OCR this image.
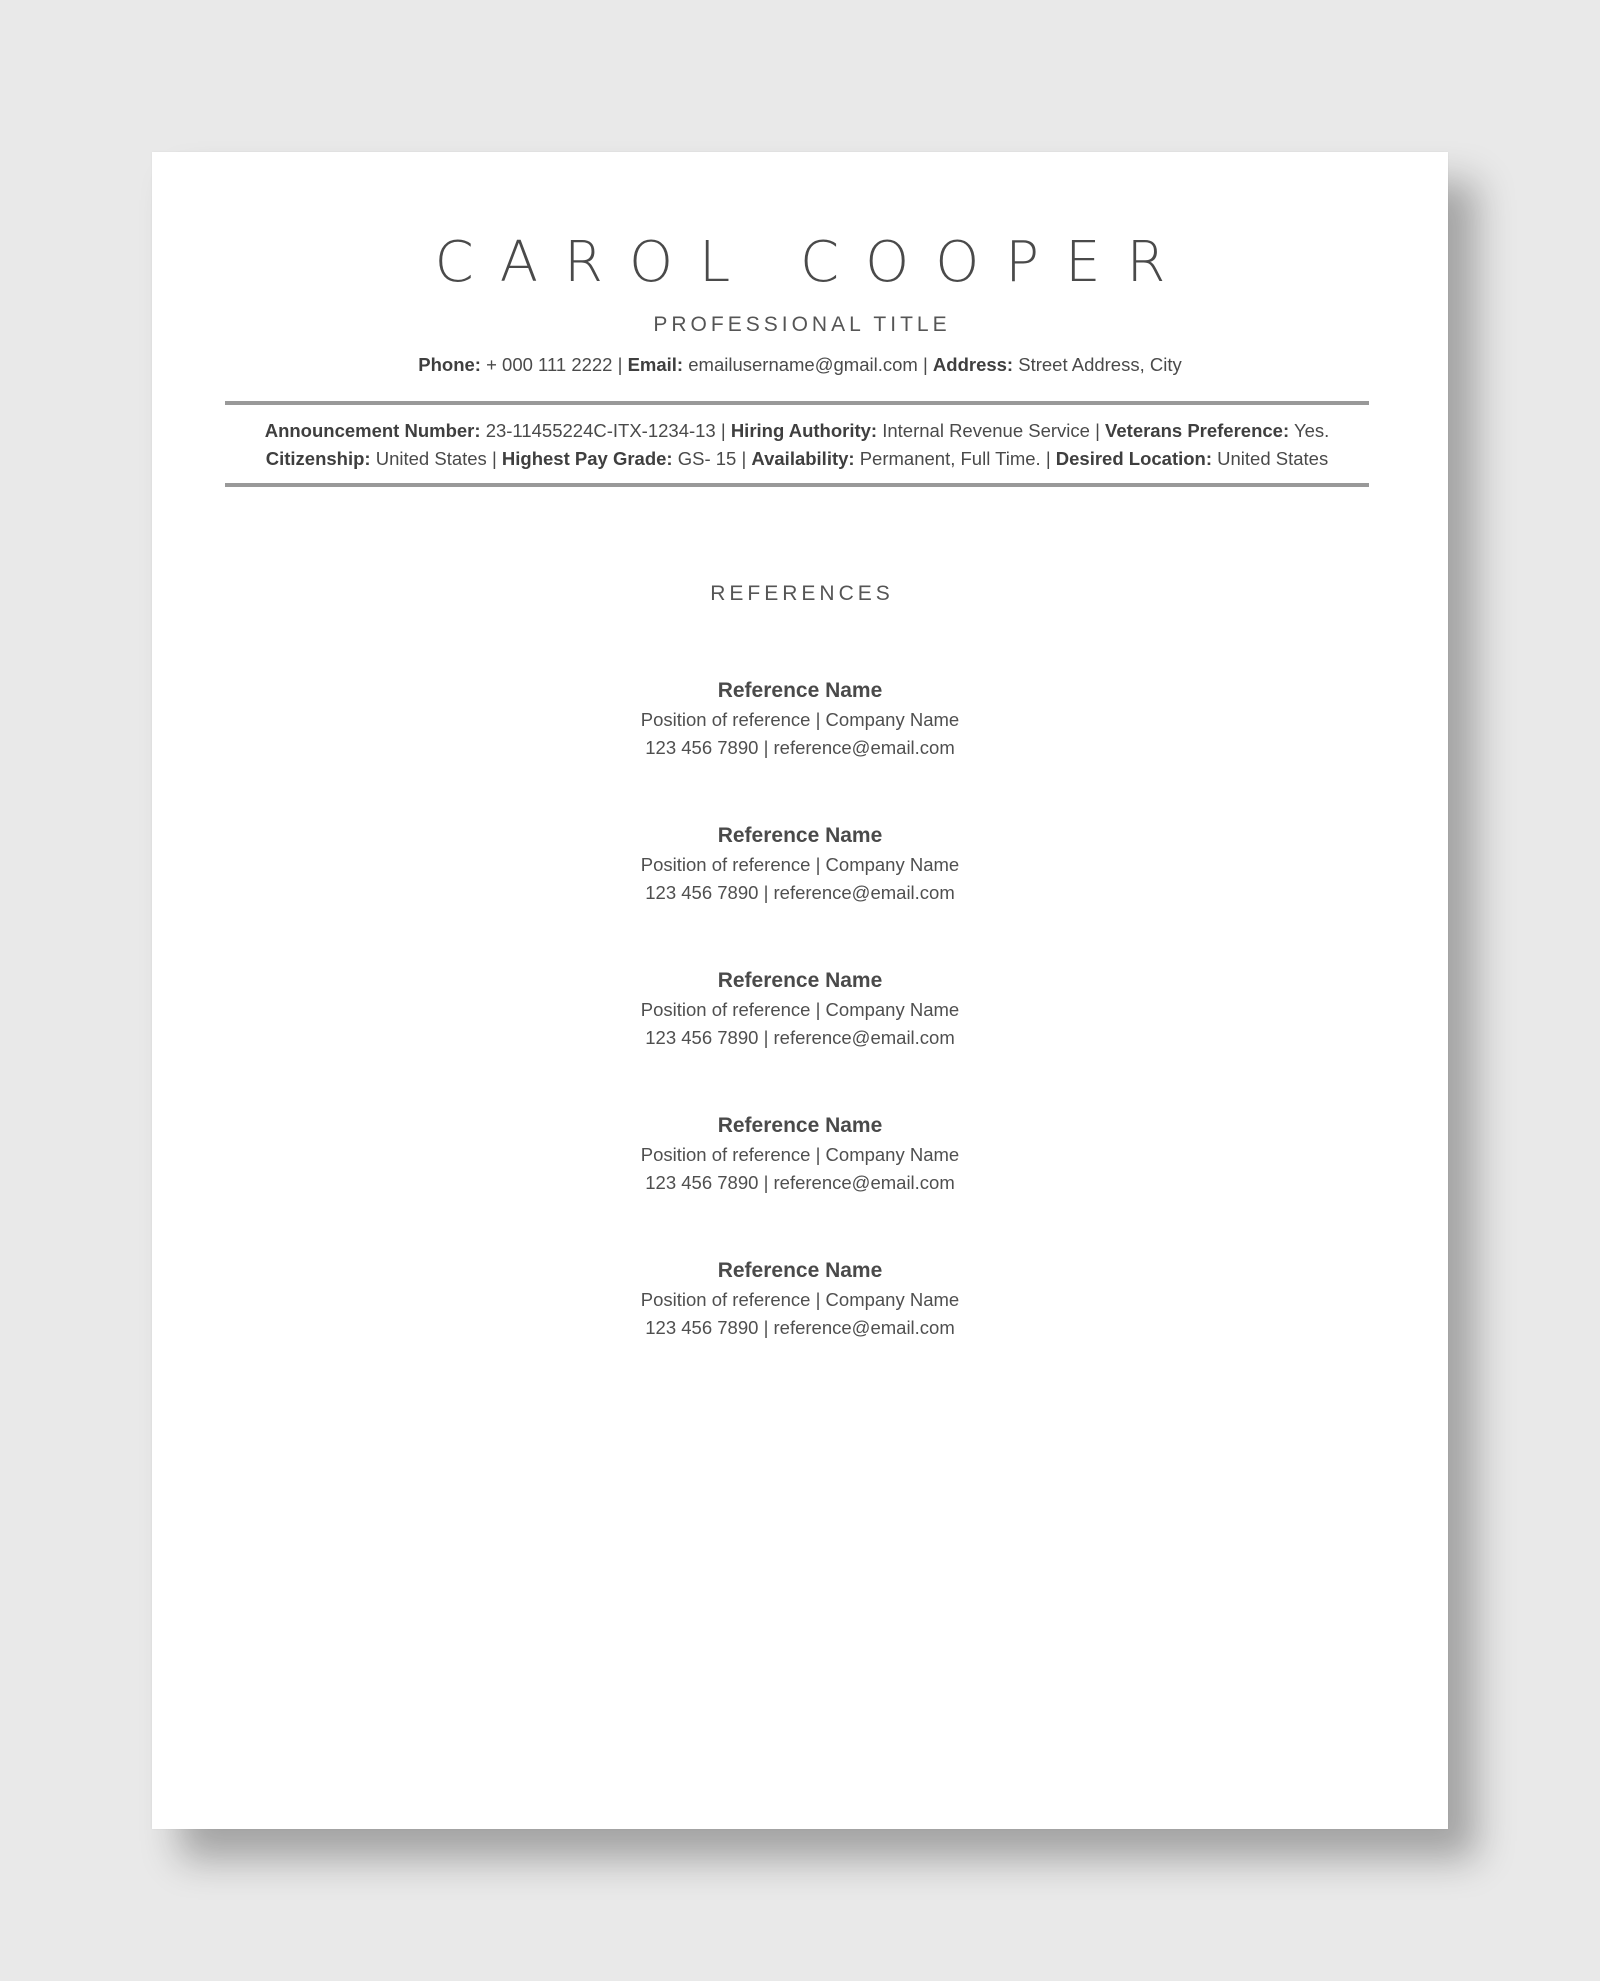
CAROL COOPER
PROFESSIONAL TITLE
Phone: + 000 111 2222 | Email: emailusername@gmail.com | Address: Street Address, City
Announcement Number: 23-11455224C-ITX-1234-13 | Hiring Authority: Internal Revenue Service | Veterans Preference: Yes.
Citizenship: United States | Highest Pay Grade: GS- 15 | Availability: Permanent, Full Time. | Desired Location: United States
REFERENCES
Reference Name
Position of reference | Company Name
123 456 7890 | reference@email.com
Reference Name
Position of reference | Company Name
123 456 7890 | reference@email.com
Reference Name
Position of reference | Company Name
123 456 7890 | reference@email.com
Reference Name
Position of reference | Company Name
123 456 7890 | reference@email.com
Reference Name
Position of reference | Company Name
123 456 7890 | reference@email.com
